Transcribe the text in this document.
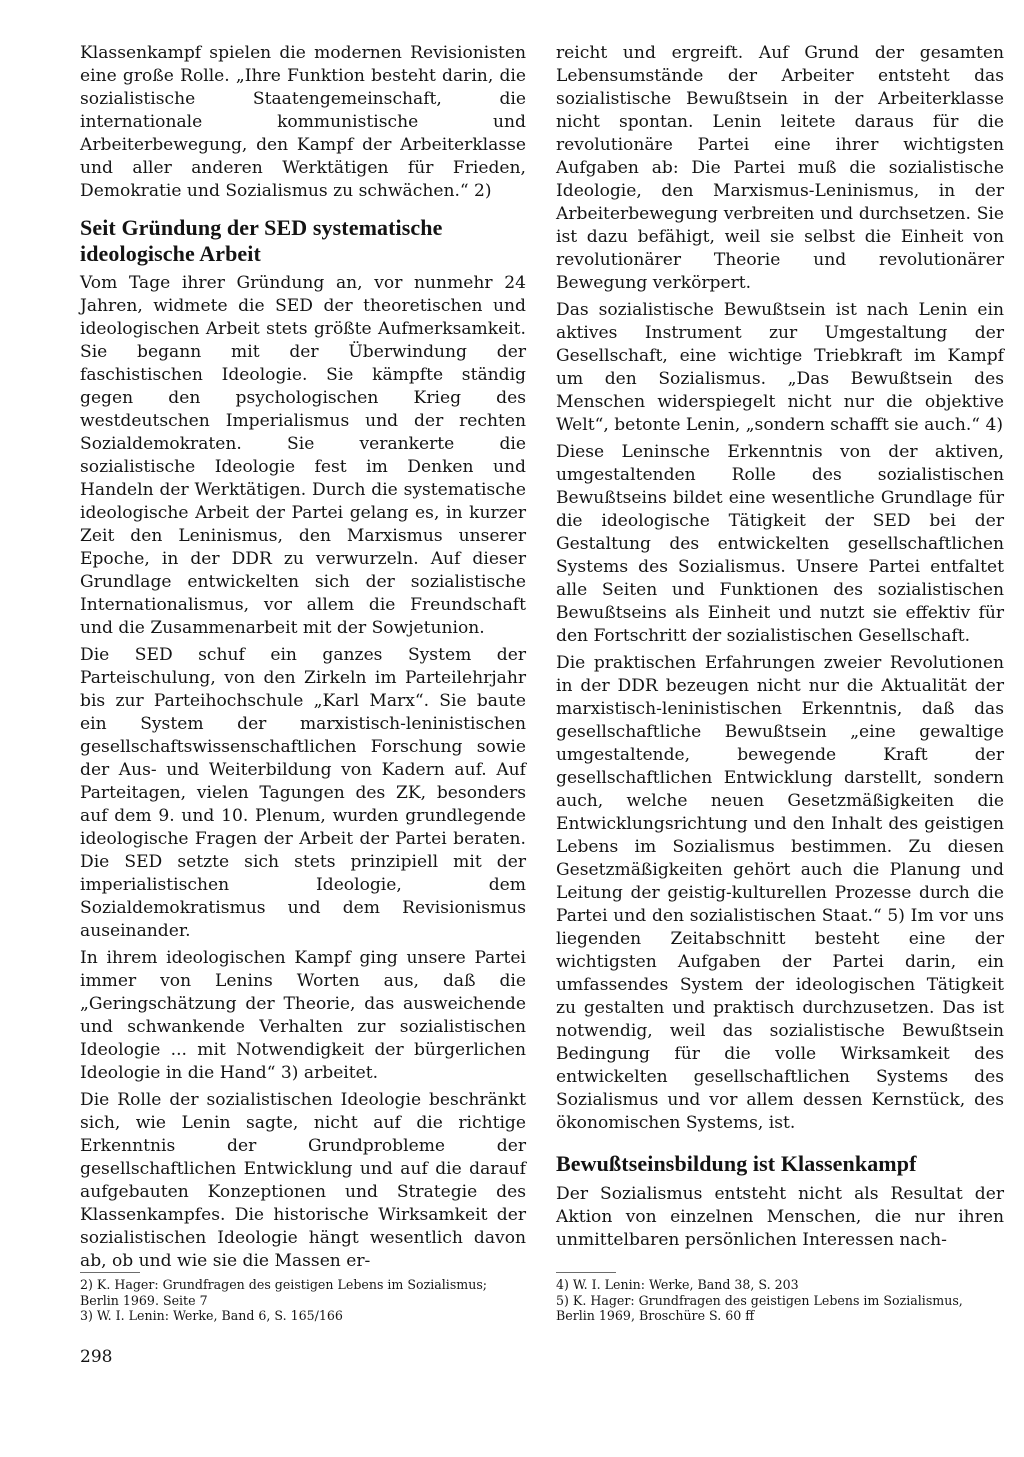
Klassenkampf spielen die modernen Revisionisten eine große Rolle. „Ihre Funktion besteht darin, die sozialistische Staatengemeinschaft, die internationale kommunistische und Arbeiterbewegung, den Kampf der Arbeiterklasse und aller anderen Werktätigen für Frieden, Demokratie und Sozialismus zu schwächen.“ 2)

Seit Gründung der SED systematische ideologische Arbeit

Vom Tage ihrer Gründung an, vor nunmehr 24 Jahren, widmete die SED der theoretischen und ideologischen Arbeit stets größte Aufmerksamkeit. Sie begann mit der Überwindung der faschistischen Ideologie. Sie kämpfte ständig gegen den psychologischen Krieg des westdeutschen Imperialismus und der rechten Sozialdemokraten. Sie verankerte die sozialistische Ideologie fest im Denken und Handeln der Werktätigen. Durch die systematische ideologische Arbeit der Partei gelang es, in kurzer Zeit den Leninismus, den Marxismus unserer Epoche, in der DDR zu verwurzeln. Auf dieser Grundlage entwickelten sich der sozialistische Internationalismus, vor allem die Freundschaft und die Zusammenarbeit mit der Sowjetunion.

Die SED schuf ein ganzes System der Parteischulung, von den Zirkeln im Parteilehrjahr bis zur Parteihochschule „Karl Marx“. Sie baute ein System der marxistisch-leninistischen gesellschaftswissenschaftlichen Forschung sowie der Aus- und Weiterbildung von Kadern auf. Auf Parteitagen, vielen Tagungen des ZK, besonders auf dem 9. und 10. Plenum, wurden grundlegende ideologische Fragen der Arbeit der Partei beraten. Die SED setzte sich stets prinzipiell mit der imperialistischen Ideologie, dem Sozialdemokratismus und dem Revisionismus auseinander.

In ihrem ideologischen Kampf ging unsere Partei immer von Lenins Worten aus, daß die „Geringschätzung der Theorie, das ausweichende und schwankende Verhalten zur sozialistischen Ideologie ... mit Notwendigkeit der bürgerlichen Ideologie in die Hand“ 3) arbeitet.

Die Rolle der sozialistischen Ideologie beschränkt sich, wie Lenin sagte, nicht auf die richtige Erkenntnis der Grundprobleme der gesellschaftlichen Entwicklung und auf die darauf aufgebauten Konzeptionen und Strategie des Klassenkampfes. Die historische Wirksamkeit der sozialistischen Ideologie hängt wesentlich davon ab, ob und wie sie die Massen er-

reicht und ergreift. Auf Grund der gesamten Lebensumstände der Arbeiter entsteht das sozialistische Bewußtsein in der Arbeiterklasse nicht spontan. Lenin leitete daraus für die revolutionäre Partei eine ihrer wichtigsten Aufgaben ab: Die Partei muß die sozialistische Ideologie, den Marxismus-Leninismus, in der Arbeiterbewegung verbreiten und durchsetzen. Sie ist dazu befähigt, weil sie selbst die Einheit von revolutionärer Theorie und revolutionärer Bewegung verkörpert.

Das sozialistische Bewußtsein ist nach Lenin ein aktives Instrument zur Umgestaltung der Gesellschaft, eine wichtige Triebkraft im Kampf um den Sozialismus. „Das Bewußtsein des Menschen widerspiegelt nicht nur die objektive Welt“, betonte Lenin, „sondern schafft sie auch.“ 4)

Diese Leninsche Erkenntnis von der aktiven, umgestaltenden Rolle des sozialistischen Bewußtseins bildet eine wesentliche Grundlage für die ideologische Tätigkeit der SED bei der Gestaltung des entwickelten gesellschaftlichen Systems des Sozialismus. Unsere Partei entfaltet alle Seiten und Funktionen des sozialistischen Bewußtseins als Einheit und nutzt sie effektiv für den Fortschritt der sozialistischen Gesellschaft.

Die praktischen Erfahrungen zweier Revolutionen in der DDR bezeugen nicht nur die Aktualität der marxistisch-leninistischen Erkenntnis, daß das gesellschaftliche Bewußtsein „eine gewaltige umgestaltende, bewegende Kraft der gesellschaftlichen Entwicklung darstellt, sondern auch, welche neuen Gesetzmäßigkeiten die Entwicklungsrichtung und den Inhalt des geistigen Lebens im Sozialismus bestimmen. Zu diesen Gesetzmäßigkeiten gehört auch die Planung und Leitung der geistig-kulturellen Prozesse durch die Partei und den sozialistischen Staat.“ 5) Im vor uns liegenden Zeitabschnitt besteht eine der wichtigsten Aufgaben der Partei darin, ein umfassendes System der ideologischen Tätigkeit zu gestalten und praktisch durchzusetzen. Das ist notwendig, weil das sozialistische Bewußtsein Bedingung für die volle Wirksamkeit des entwickelten gesellschaftlichen Systems des Sozialismus und vor allem dessen Kernstück, des ökonomischen Systems, ist.

Bewußtseinsbildung ist Klassenkampf

Der Sozialismus entsteht nicht als Resultat der Aktion von einzelnen Menschen, die nur ihren unmittelbaren persönlichen Interessen nach-

2) K. Hager: Grundfragen des geistigen Lebens im Sozialismus; Berlin 1969. Seite 7
3) W. I. Lenin: Werke, Band 6, S. 165/166
4) W. I. Lenin: Werke, Band 38, S. 203
5) K. Hager: Grundfragen des geistigen Lebens im Sozialismus, Berlin 1969, Broschüre S. 60 ff
298
